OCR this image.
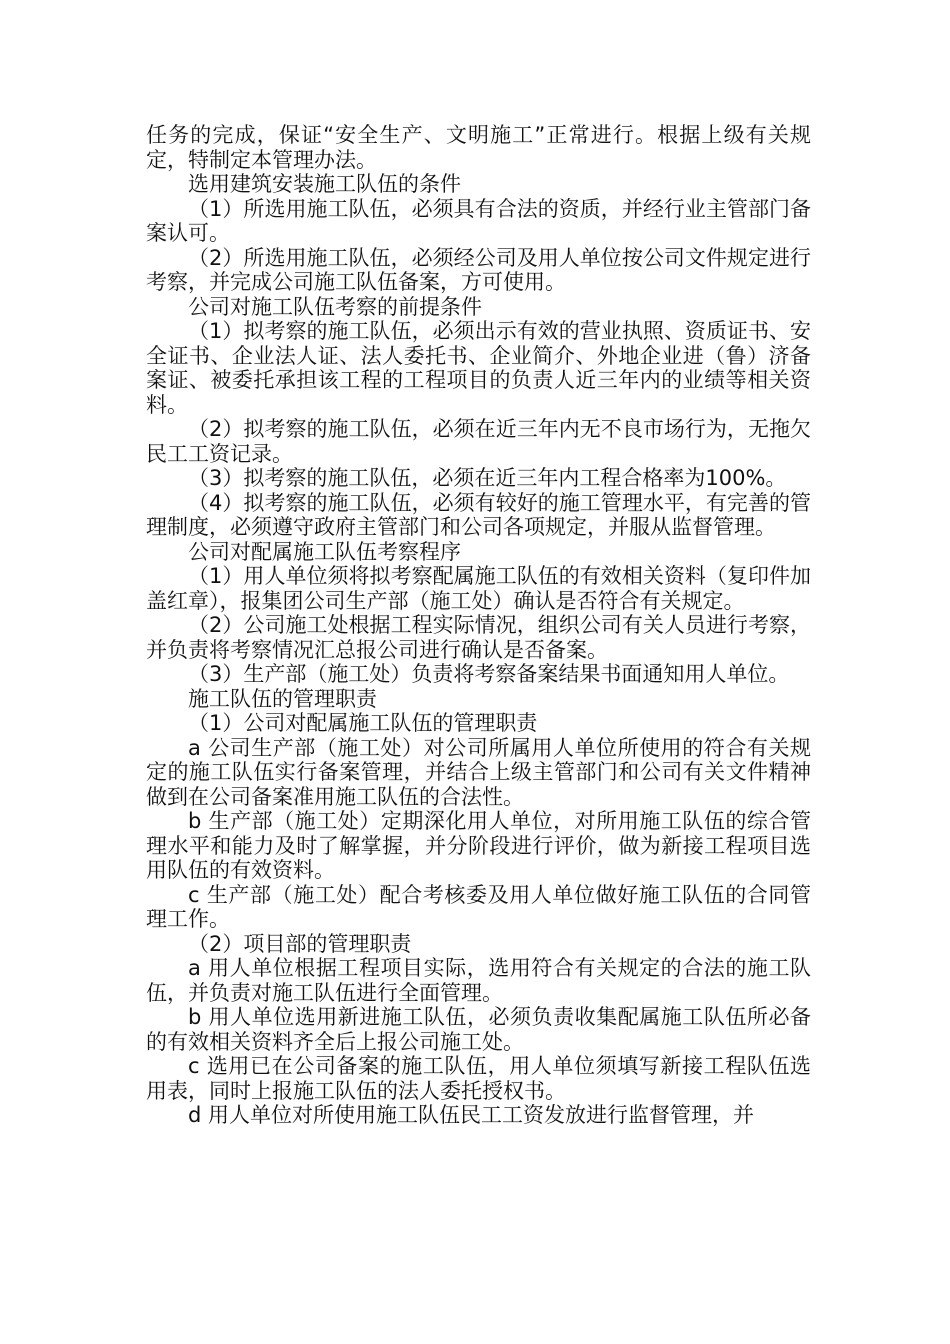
任务的完成，保证“安全生产、文明施工”正常进行。根据上级有关规定，特制定本管理办法。

选用建筑安装施工队伍的条件

（1）所选用施工队伍，必须具有合法的资质，并经行业主管部门备案认可。

（2）所选用施工队伍，必须经公司及用人单位按公司文件规定进行考察，并完成公司施工队伍备案，方可使用。

公司对施工队伍考察的前提条件

（1）拟考察的施工队伍，必须出示有效的营业执照、资质证书、安全证书、企业法人证、法人委托书、企业简介、外地企业进（鲁）济备案证、被委托承担该工程的工程项目的负责人近三年内的业绩等相关资料。

（2）拟考察的施工队伍，必须在近三年内无不良市场行为，无拖欠民工工资记录。

（3）拟考察的施工队伍，必须在近三年内工程合格率为100%。

（4）拟考察的施工队伍，必须有较好的施工管理水平，有完善的管理制度，必须遵守政府主管部门和公司各项规定，并服从监督管理。

公司对配属施工队伍考察程序

（1）用人单位须将拟考察配属施工队伍的有效相关资料（复印件加盖红章），报集团公司生产部（施工处）确认是否符合有关规定。

（2）公司施工处根据工程实际情况，组织公司有关人员进行考察，并负责将考察情况汇总报公司进行确认是否备案。

（3）生产部（施工处）负责将考察备案结果书面通知用人单位。

施工队伍的管理职责

（1）公司对配属施工队伍的管理职责

a 公司生产部（施工处）对公司所属用人单位所使用的符合有关规定的施工队伍实行备案管理，并结合上级主管部门和公司有关文件精神做到在公司备案准用施工队伍的合法性。

b 生产部（施工处）定期深化用人单位，对所用施工队伍的综合管理水平和能力及时了解掌握，并分阶段进行评价，做为新接工程项目选用队伍的有效资料。

c 生产部（施工处）配合考核委及用人单位做好施工队伍的合同管理工作。

（2）项目部的管理职责

a 用人单位根据工程项目实际，选用符合有关规定的合法的施工队伍，并负责对施工队伍进行全面管理。

b 用人单位选用新进施工队伍，必须负责收集配属施工队伍所必备的有效相关资料齐全后上报公司施工处。

c 选用已在公司备案的施工队伍，用人单位须填写新接工程队伍选用表，同时上报施工队伍的法人委托授权书。

d 用人单位对所使用施工队伍民工工资发放进行监督管理，并
